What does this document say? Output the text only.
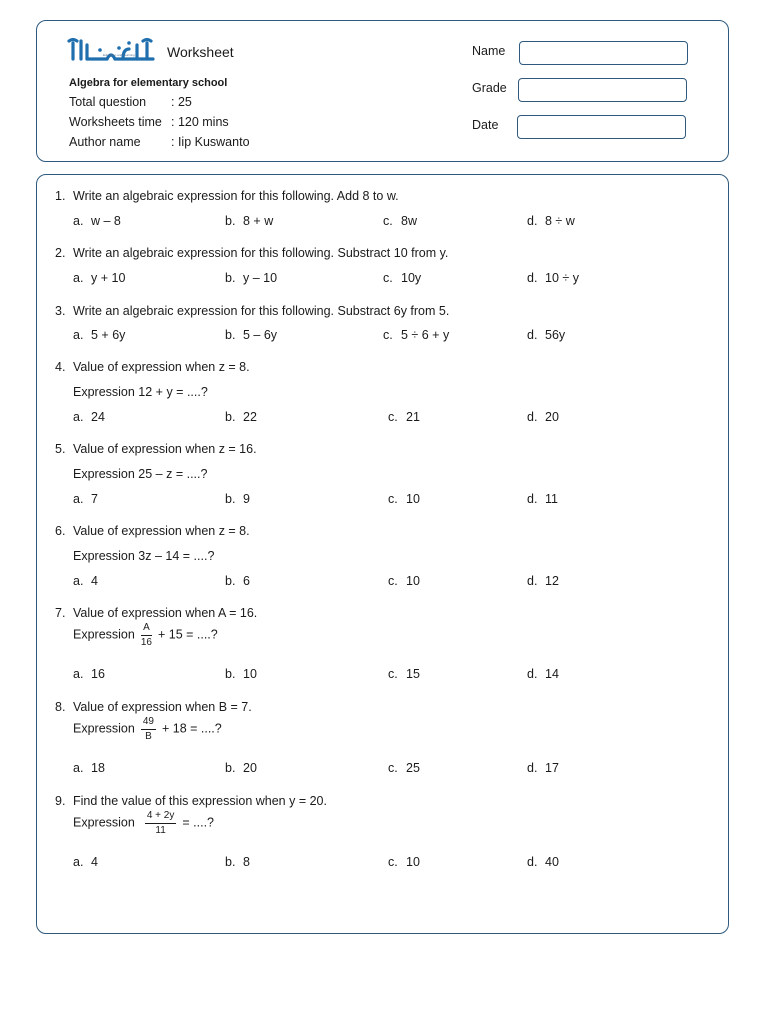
Education and Learning Worksheet
Algebra for elementary school
Total question : 25
Worksheets time : 120 mins
Author name : Iip Kuswanto
Name
Grade
Date
1. Write an algebraic expression for this following. Add 8 to w.
a. w – 8	b. 8 + w	c. 8w	d. 8 ÷ w
2. Write an algebraic expression for this following. Substract 10 from y.
a. y + 10	b. y – 10	c. 10y	d. 10 ÷ y
3. Write an algebraic expression for this following. Substract 6y from 5.
a. 5 + 6y	b. 5 – 6y	c. 5 ÷ 6 + y	d. 56y
4. Value of expression when z = 8.
Expression 12 + y = ....?
a. 24	b. 22	c. 21	d. 20
5. Value of expression when z = 16.
Expression 25 – z = ....?
a. 7	b. 9	c. 10	d. 11
6. Value of expression when z = 8.
Expression 3z – 14 = ....?
a. 4	b. 6	c. 10	d. 12
7. Value of expression when A = 16.
Expression $\frac{A}{16} + 15$ = ....?
a. 16	b. 10	c. 15	d. 14
8. Value of expression when B = 7.
Expression $\frac{49}{B} + 18$ = ....?
a. 18	b. 20	c. 25	d. 17
9. Find the value of this expression when y = 20.
Expression $\frac{4 + 2y}{11}$ = ....?
a. 4	b. 8	c. 10	d. 40
